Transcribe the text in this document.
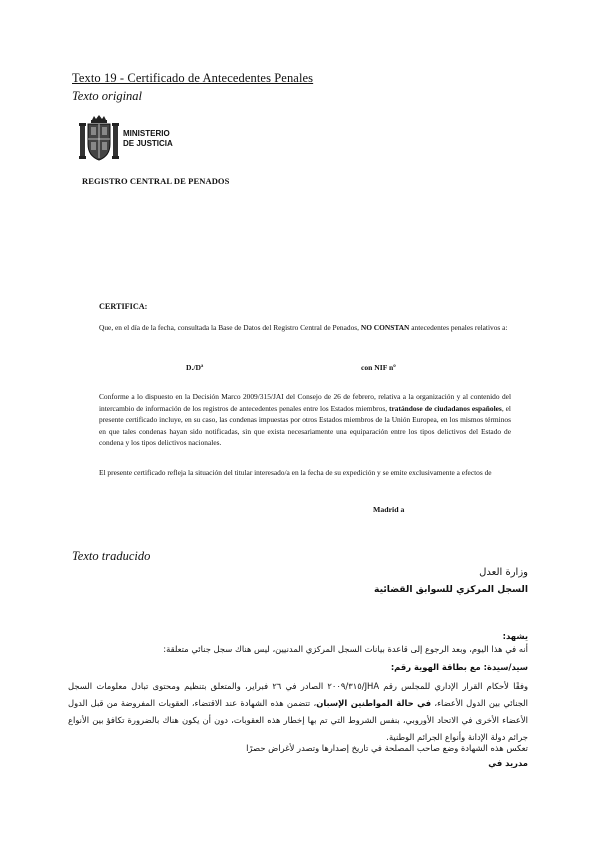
Texto 19 - Certificado de Antecedentes Penales
Texto original
MINISTERIO
DE JUSTICIA
REGISTRO CENTRAL DE PENADOS
CERTIFICA:
Que, en el día de la fecha, consultada la Base de Datos del Registro Central de Penados, NO CONSTAN antecedentes penales relativos a:
D./Dª	con NIF nº
Conforme a lo dispuesto en la Decisión Marco 2009/315/JAI del Consejo de 26 de febrero, relativa a la organización y al contenido del intercambio de información de los registros de antecedentes penales entre los Estados miembros, tratándose de ciudadanos españoles, el presente certificado incluye, en su caso, las condenas impuestas por otros Estados miembros de la Unión Europea, en los mismos términos en que tales condenas hayan sido notificadas, sin que exista necesariamente una equiparación entre los tipos delictivos del Estado de condena y los tipos delictivos nacionales.
El presente certificado refleja la situación del titular interesado/a en la fecha de su expedición y se emite exclusivamente a efectos de
Madrid a
Texto traducido
وزارة العدل
السجل المركزي للسوابق القضائية
يشهد:
أنه في هذا اليوم، وبعد الرجوع إلى قاعدة بيانات السجل المركزي المدنيين، ليس هناك سجل جنائي متعلقة:
سيد/سيدة: مع بطاقة الهوية رقم:
وفقًا لأحكام القرار الإداري للمجلس رقم JHA/٢٠٠٩/٣١٥ الصادر في ٢٦ فبراير، والمتعلق بتنظيم ومحتوى تبادل معلومات السجل الجنائي بين الدول الأعضاء، في حالة المواطنين الإسبان، تتضمن هذه الشهادة عند الاقتضاء، العقوبات المفروضة من قبل الدول الأعضاء الأخرى في الاتحاد الأوروبي، بنفس الشروط التي تم بها إخطار هذه العقوبات، دون أن يكون هناك بالضرورة تكافؤ بين الأنواع جرائم دولة الإدانة وأنواع الجرائم الوطنية.
تعكس هذه الشهادة وضع صاحب المصلحة في تاريخ إصدارها وتصدر لأغراض حصرًا
مدريد في
